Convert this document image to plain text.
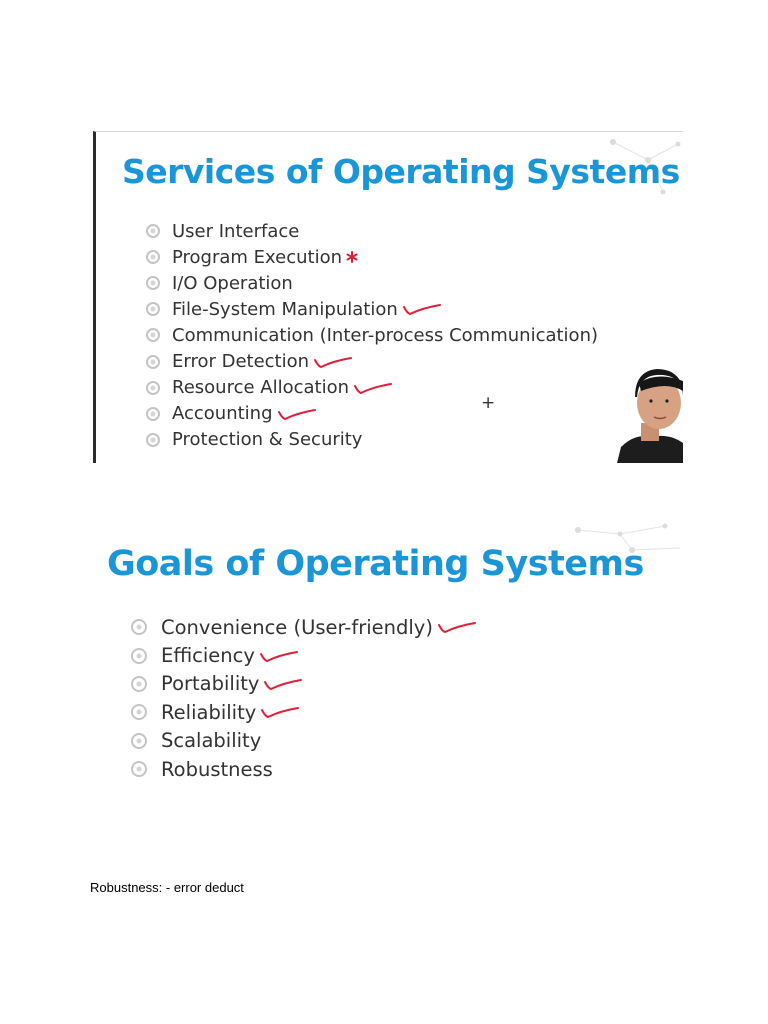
Services of Operating Systems
User Interface
Program Execution
I/O Operation
File-System Manipulation
Communication (Inter-process Communication)
Error Detection
Resource Allocation
Accounting
Protection & Security
+
Goals of Operating Systems
Convenience (User-friendly)
Efficiency
Portability
Reliability
Scalability
Robustness

Robustness: - error deduct
